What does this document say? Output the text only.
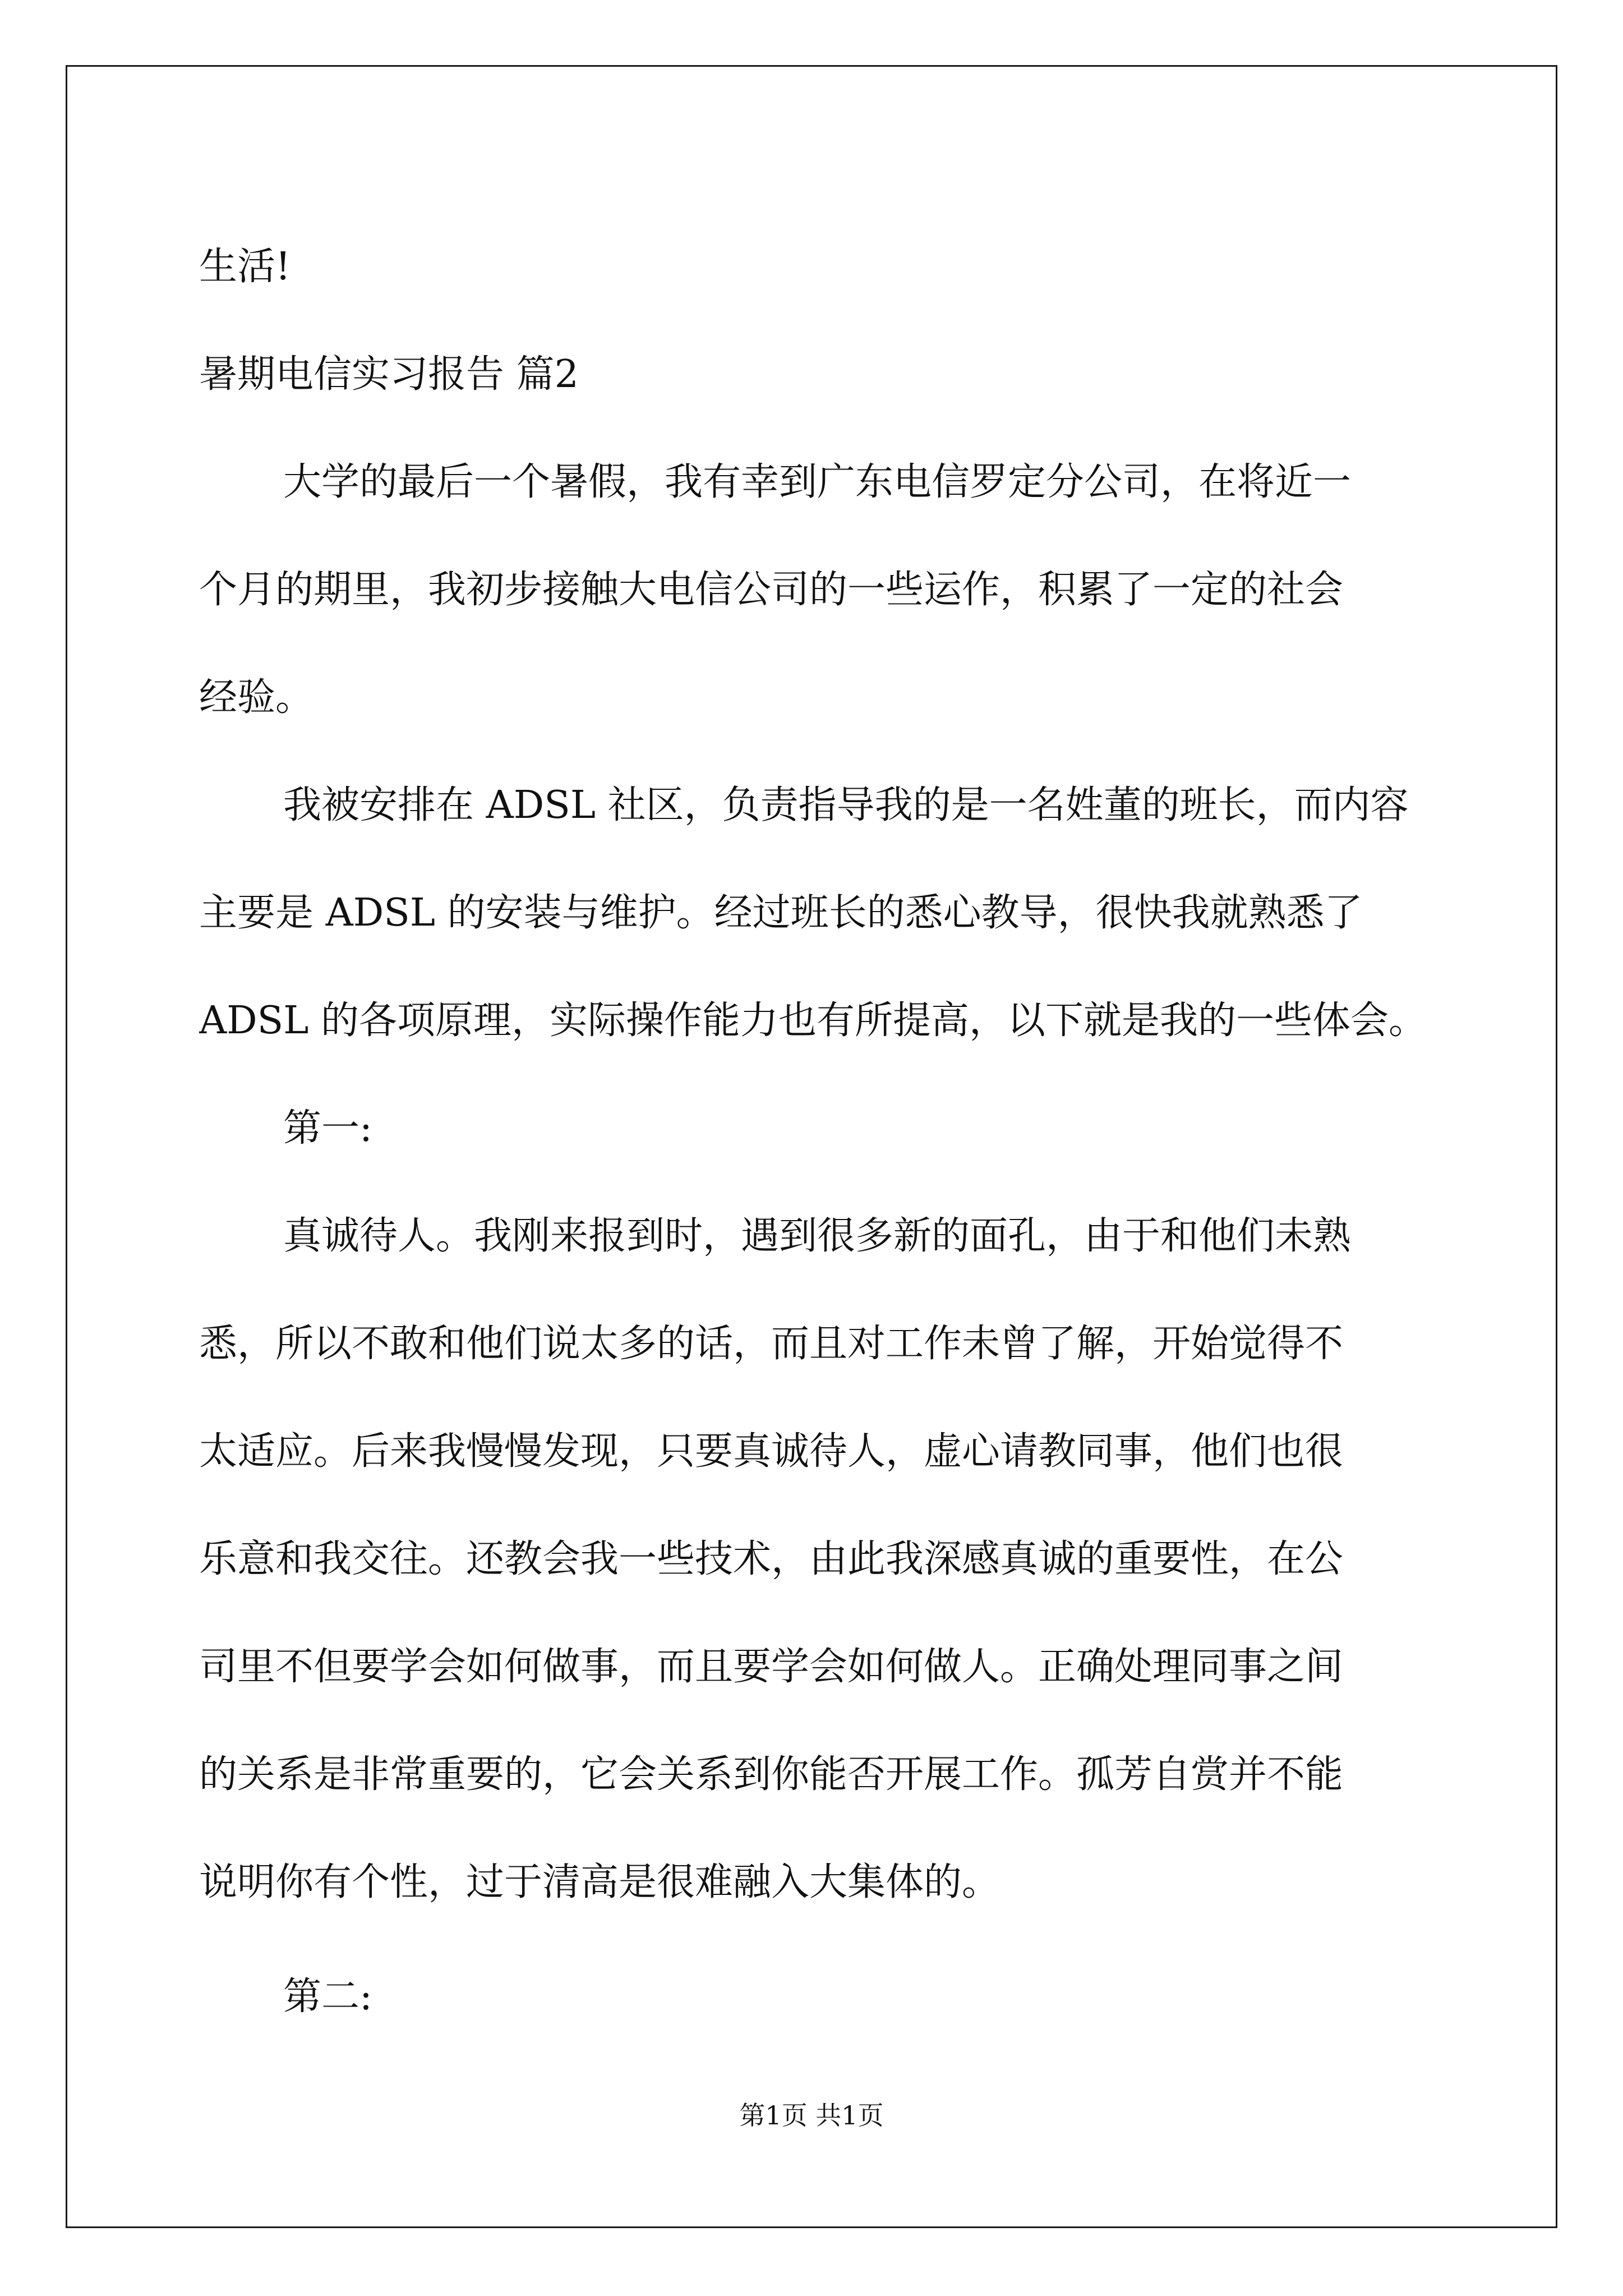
生活!
暑期电信实习报告 篇2
大学的最后一个暑假，我有幸到广东电信罗定分公司，在将近一
个月的期里，我初步接触大电信公司的一些运作，积累了一定的社会
经验。
我被安排在 ADSL 社区，负责指导我的是一名姓董的班长，而内容
主要是 ADSL 的安装与维护。经过班长的悉心教导，很快我就熟悉了
ADSL 的各项原理，实际操作能力也有所提高，以下就是我的一些体会。
第一:
真诚待人。我刚来报到时，遇到很多新的面孔，由于和他们未熟
悉，所以不敢和他们说太多的话，而且对工作未曾了解，开始觉得不
太适应。后来我慢慢发现，只要真诚待人，虚心请教同事，他们也很
乐意和我交往。还教会我一些技术，由此我深感真诚的重要性，在公
司里不但要学会如何做事，而且要学会如何做人。正确处理同事之间
的关系是非常重要的，它会关系到你能否开展工作。孤芳自赏并不能
说明你有个性，过于清高是很难融入大集体的。
第二:
第1页 共1页
